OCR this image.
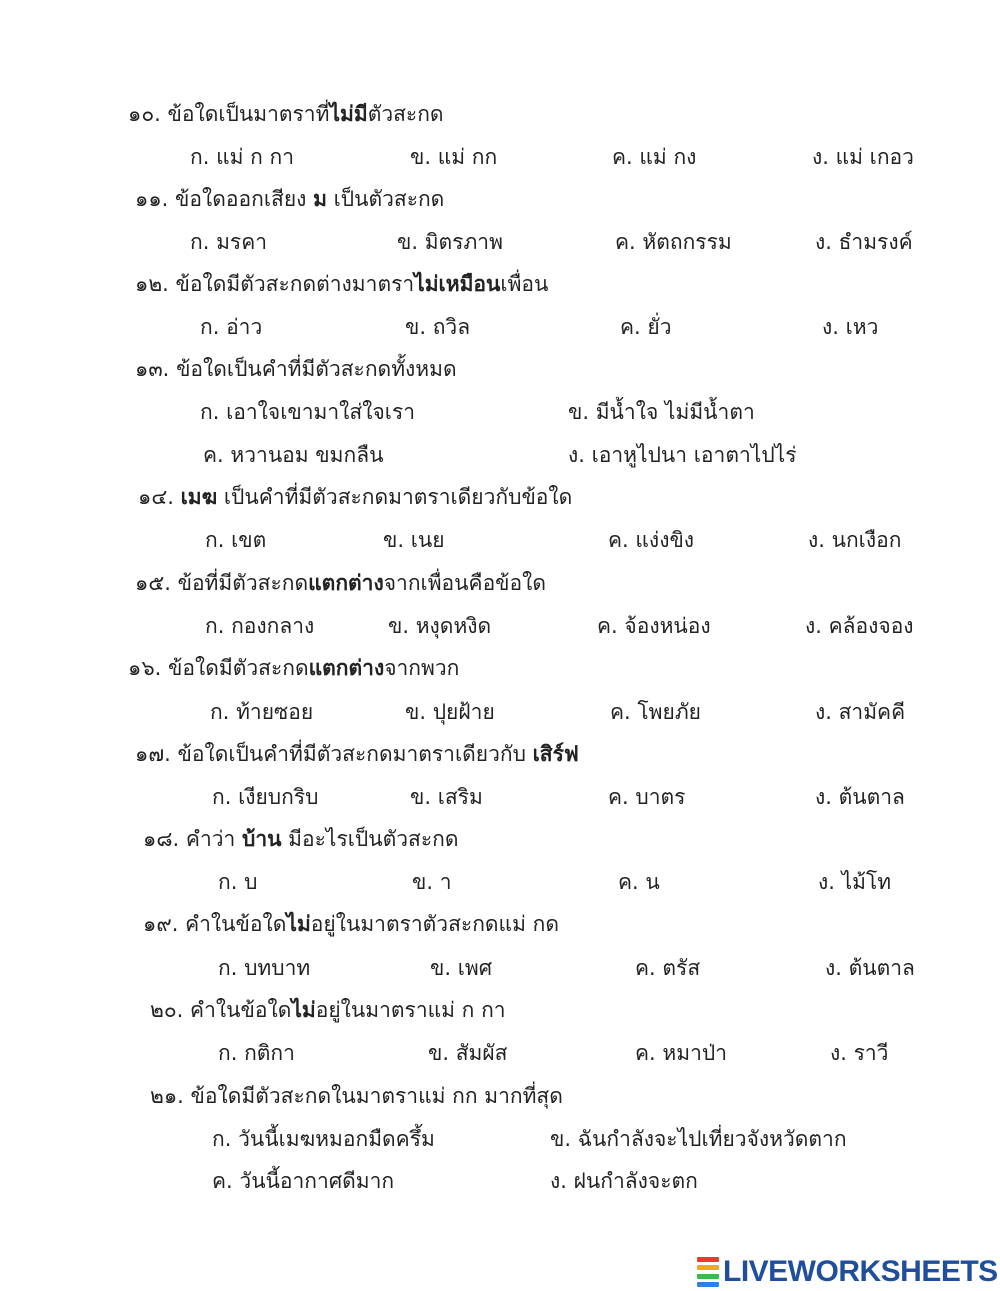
๑๐. ข้อใดเป็นมาตราที่ไม่มีตัวสะกด
ก. แม่ ก กา	ข. แม่ กก	ค. แม่ กง	ง. แม่ เกอว
๑๑. ข้อใดออกเสียง ม เป็นตัวสะกด
ก. มรคา	ข. มิตรภาพ	ค. หัตถกรรม	ง. ธำมรงค์
๑๒. ข้อใดมีตัวสะกดต่างมาตราไม่เหมือนเพื่อน
ก. อ่าว	ข. ถวิล	ค. ยั่ว	ง. เหว
๑๓. ข้อใดเป็นคำที่มีตัวสะกดทั้งหมด
ก. เอาใจเขามาใส่ใจเรา	ข. มีน้ำใจ ไม่มีน้ำตา
ค. หวานอม ขมกลืน	ง. เอาหูไปนา เอาตาไปไร่
๑๔. เมฆ เป็นคำที่มีตัวสะกดมาตราเดียวกับข้อใด
ก. เขต	ข. เนย	ค. แง่งขิง	ง. นกเงือก
๑๕. ข้อที่มีตัวสะกดแตกต่างจากเพื่อนคือข้อใด
ก. กองกลาง	ข. หงุดหงิด	ค. จ้องหน่อง	ง. คล้องจอง
๑๖. ข้อใดมีตัวสะกดแตกต่างจากพวก
ก. ท้ายซอย	ข. ปุยฝ้าย	ค. โพยภัย	ง. สามัคคี
๑๗. ข้อใดเป็นคำที่มีตัวสะกดมาตราเดียวกับ เสิร์ฟ
ก. เงียบกริบ	ข. เสริม	ค. บาตร	ง. ต้นตาล
๑๘. คำว่า บ้าน มีอะไรเป็นตัวสะกด
ก. บ	ข. า	ค. น	ง. ไม้โท
๑๙. คำในข้อใดไม่อยู่ในมาตราตัวสะกดแม่ กด
ก. บทบาท	ข. เพศ	ค. ตรัส	ง. ต้นตาล
๒๐. คำในข้อใดไม่อยู่ในมาตราแม่ ก กา
ก. กติกา	ข. สัมผัส	ค. หมาป่า	ง. ราวี
๒๑. ข้อใดมีตัวสะกดในมาตราแม่ กก มากที่สุด
ก. วันนี้เมฆหมอกมืดครึ้ม	ข. ฉันกำลังจะไปเที่ยวจังหวัดตาก
ค. วันนี้อากาศดีมาก	ง. ฝนกำลังจะตก
LIVEWORKSHEETS
